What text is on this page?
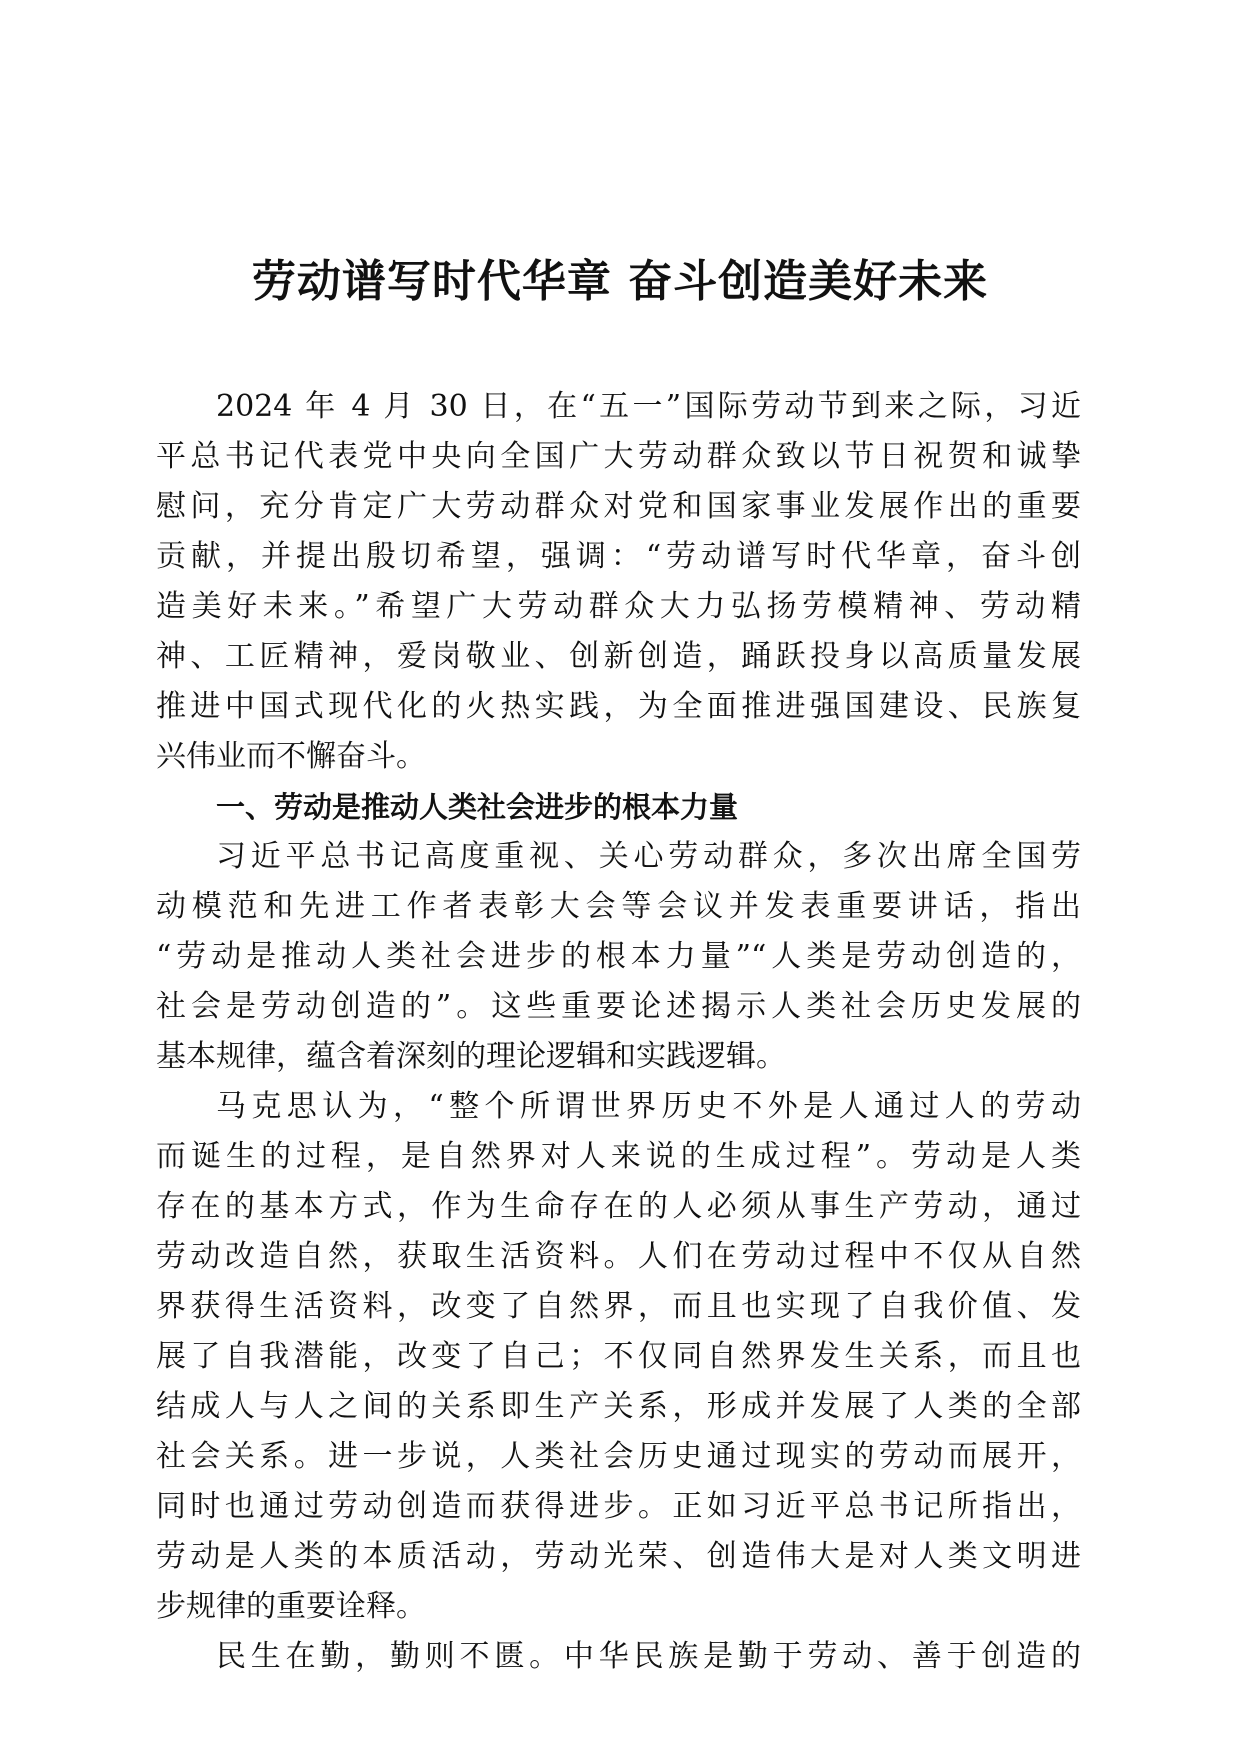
劳动谱写时代华章 奋斗创造美好未来
2024 年 4 月 30 日，在“五一”国际劳动节到来之际，习近
平总书记代表党中央向全国广大劳动群众致以节日祝贺和诚挚
慰问，充分肯定广大劳动群众对党和国家事业发展作出的重要
贡献，并提出殷切希望，强调：“劳动谱写时代华章，奋斗创
造美好未来。”希望广大劳动群众大力弘扬劳模精神、劳动精
神、工匠精神，爱岗敬业、创新创造，踊跃投身以高质量发展
推进中国式现代化的火热实践，为全面推进强国建设、民族复
兴伟业而不懈奋斗。
一、劳动是推动人类社会进步的根本力量
习近平总书记高度重视、关心劳动群众，多次出席全国劳
动模范和先进工作者表彰大会等会议并发表重要讲话，指出
“劳动是推动人类社会进步的根本力量”“人类是劳动创造的，
社会是劳动创造的”。这些重要论述揭示人类社会历史发展的
基本规律，蕴含着深刻的理论逻辑和实践逻辑。
马克思认为，“整个所谓世界历史不外是人通过人的劳动
而诞生的过程，是自然界对人来说的生成过程”。劳动是人类
存在的基本方式，作为生命存在的人必须从事生产劳动，通过
劳动改造自然，获取生活资料。人们在劳动过程中不仅从自然
界获得生活资料，改变了自然界，而且也实现了自我价值、发
展了自我潜能，改变了自己；不仅同自然界发生关系，而且也
结成人与人之间的关系即生产关系，形成并发展了人类的全部
社会关系。进一步说，人类社会历史通过现实的劳动而展开，
同时也通过劳动创造而获得进步。正如习近平总书记所指出，
劳动是人类的本质活动，劳动光荣、创造伟大是对人类文明进
步规律的重要诠释。
民生在勤，勤则不匮。中华民族是勤于劳动、善于创造的
